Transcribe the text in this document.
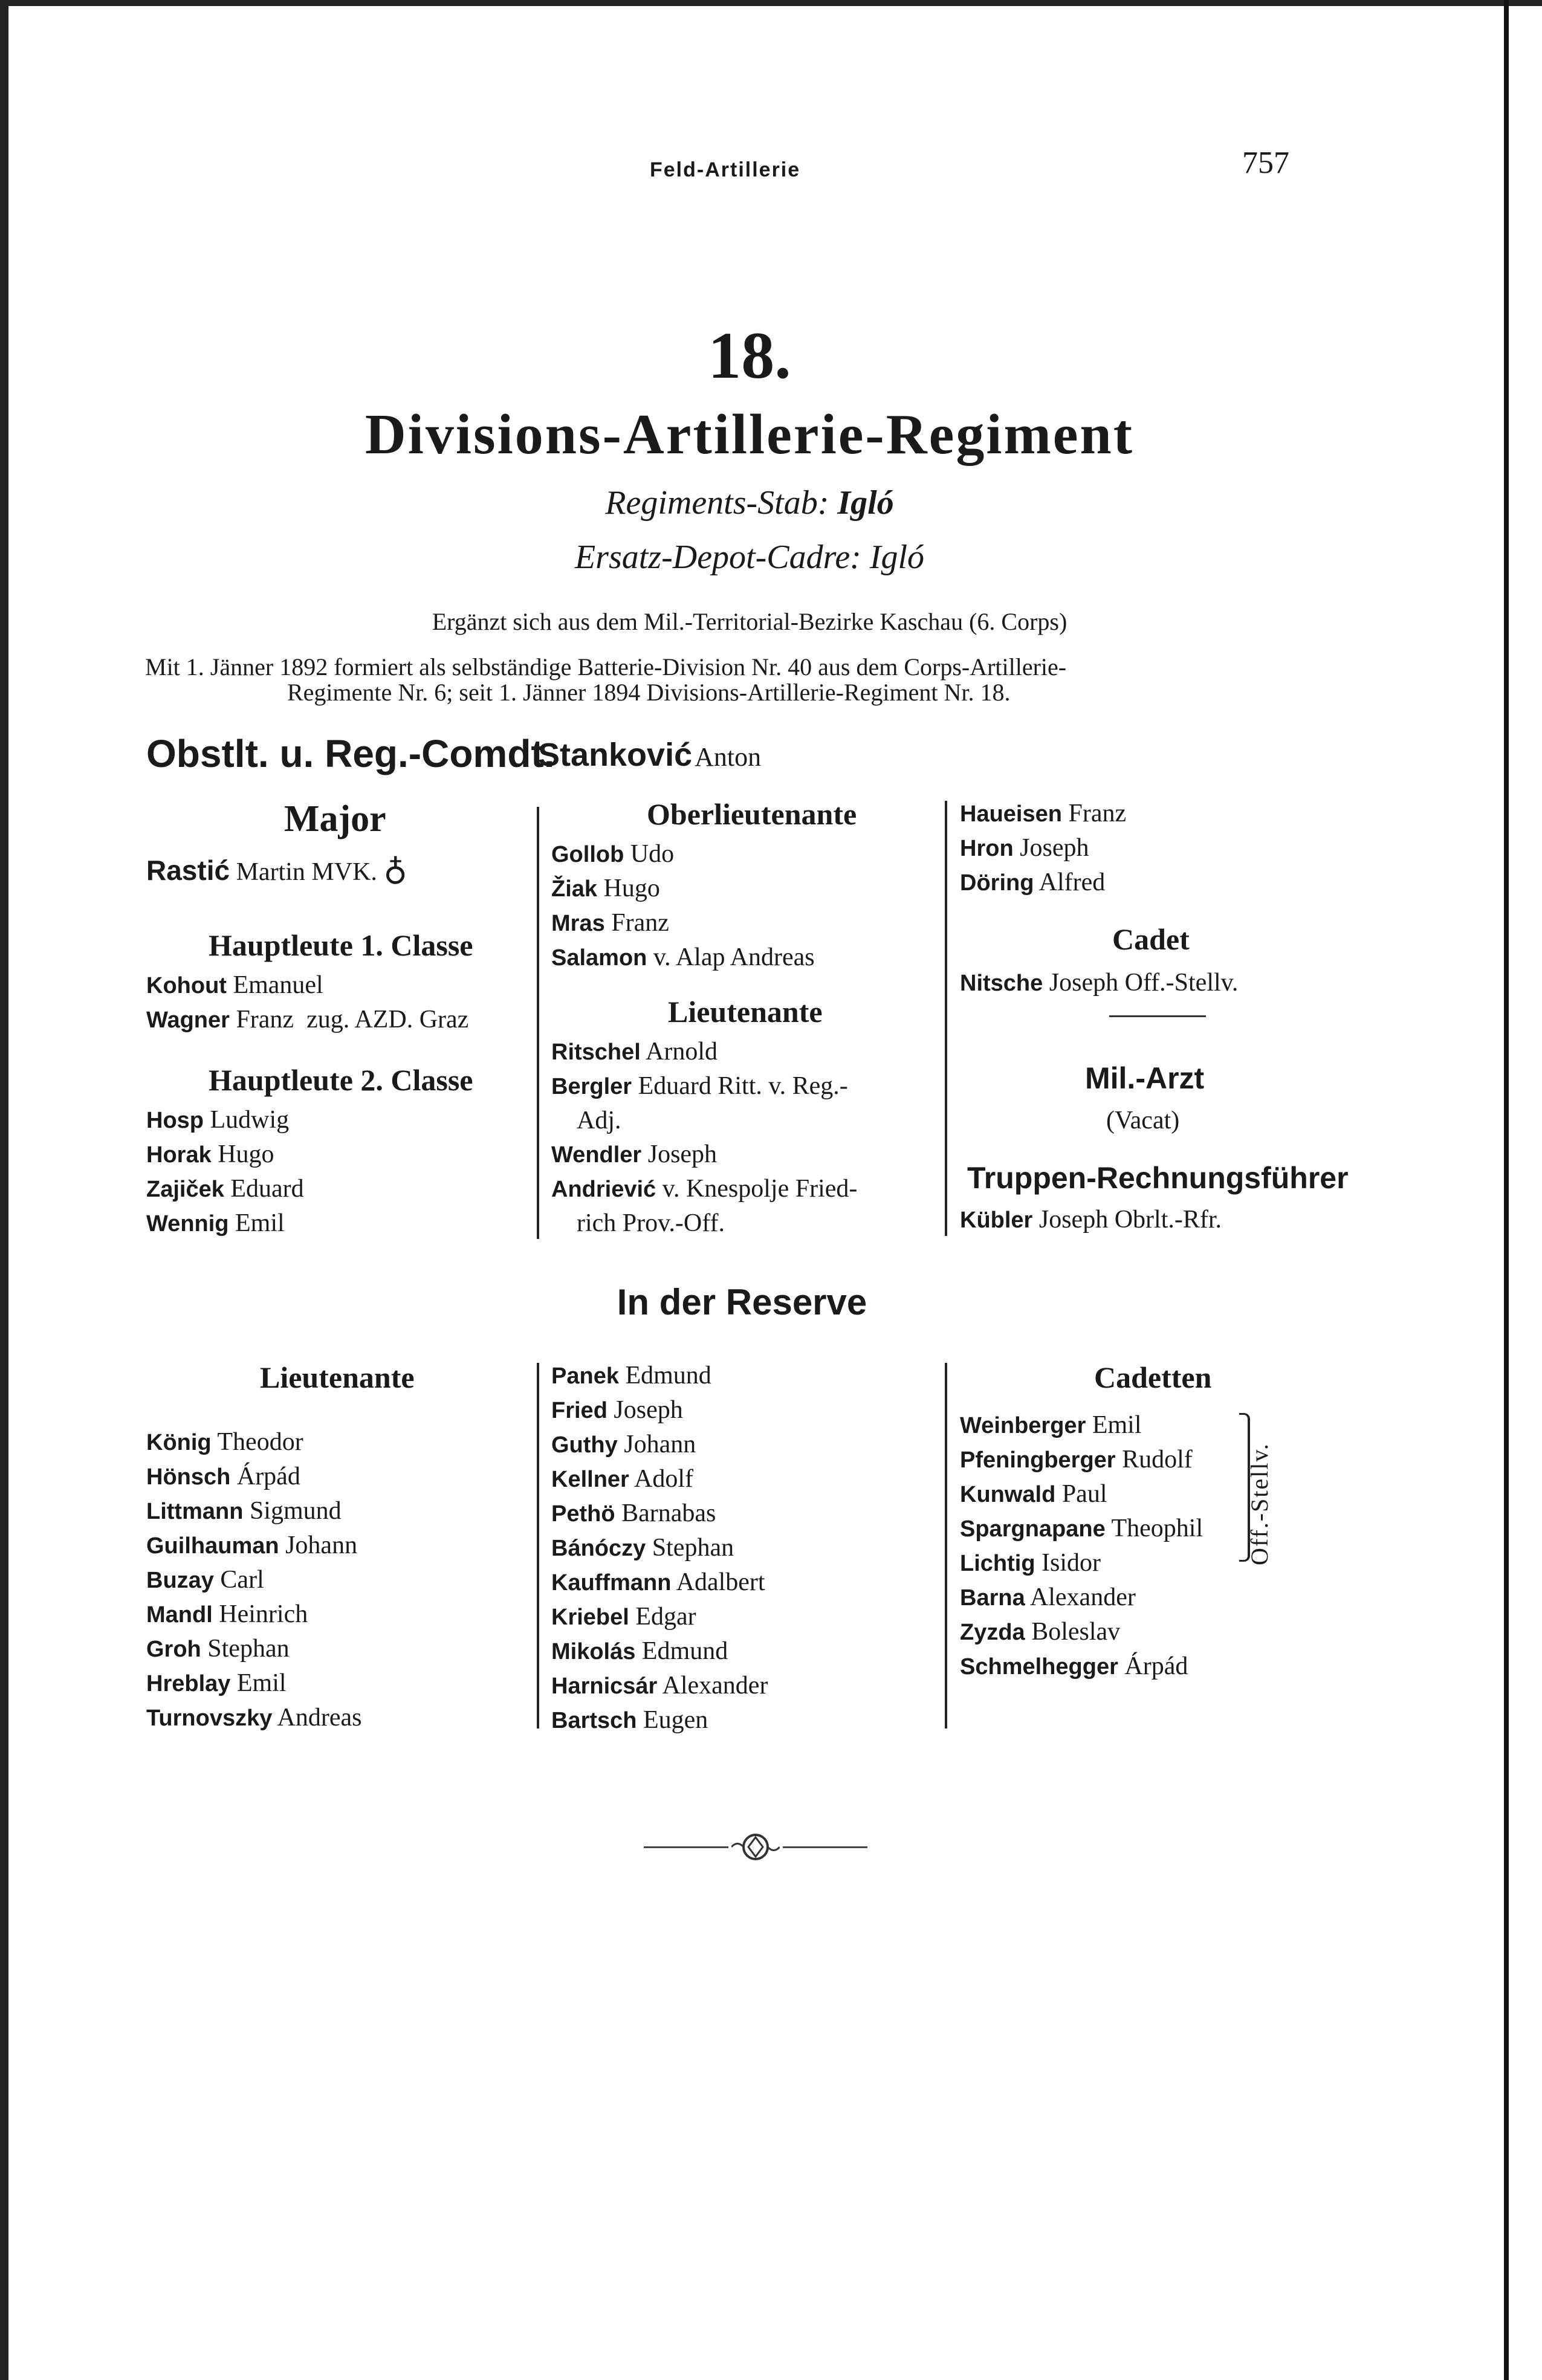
Feld-Artillerie	757
18.
Divisions-Artillerie-Regiment
Regiments-Stab: Igló
Ersatz-Depot-Cadre: Igló
Ergänzt sich aus dem Mil.-Territorial-Bezirke Kaschau (6. Corps)
Mit 1. Jänner 1892 formiert als selbständige Batterie-Division Nr. 40 aus dem Corps-Artillerie-
Regimente Nr. 6; seit 1. Jänner 1894 Divisions-Artillerie-Regiment Nr. 18.
Obstlt. u. Reg.-Comdt.
Stanković Anton
Major
Rastić Martin MVK. ♁
Hauptleute 1. Classe
Kohout Emanuel
Wagner Franz zug. AZD. Graz
Hauptleute 2. Classe
Hosp Ludwig
Horak Hugo
Zajiček Eduard
Wennig Emil
Oberlieutenante
Gollob Udo
Žiak Hugo
Mras Franz
Salamon v. Alap Andreas
Lieutenante
Ritschel Arnold
Bergler Eduard Ritt. v. Reg.-
Adj.
Wendler Joseph
Andriević v. Knespolje Fried-
rich Prov.-Off.
Haueisen Franz
Hron Joseph
Döring Alfred
Cadet
Nitsche Joseph Off.-Stellv.
Mil.-Arzt
(Vacat)
Truppen-Rechnungsführer
Kübler Joseph Obrlt.-Rfr.
In der Reserve
Lieutenante
König Theodor
Hönsch Árpád
Littmann Sigmund
Guilhauman Johann
Buzay Carl
Mandl Heinrich
Groh Stephan
Hreblay Emil
Turnovszky Andreas
Panek Edmund
Fried Joseph
Guthy Johann
Kellner Adolf
Pethö Barnabas
Bánóczy Stephan
Kauffmann Adalbert
Kriebel Edgar
Mikolás Edmund
Harnicsár Alexander
Bartsch Eugen
Cadetten
Weinberger Emil
Pfeningberger Rudolf
Kunwald Paul
Spargnapane Theophil
Lichtig Isidor
Barna Alexander
Zyzda Boleslav
Schmelhegger Árpád
Off.-Stellv.
